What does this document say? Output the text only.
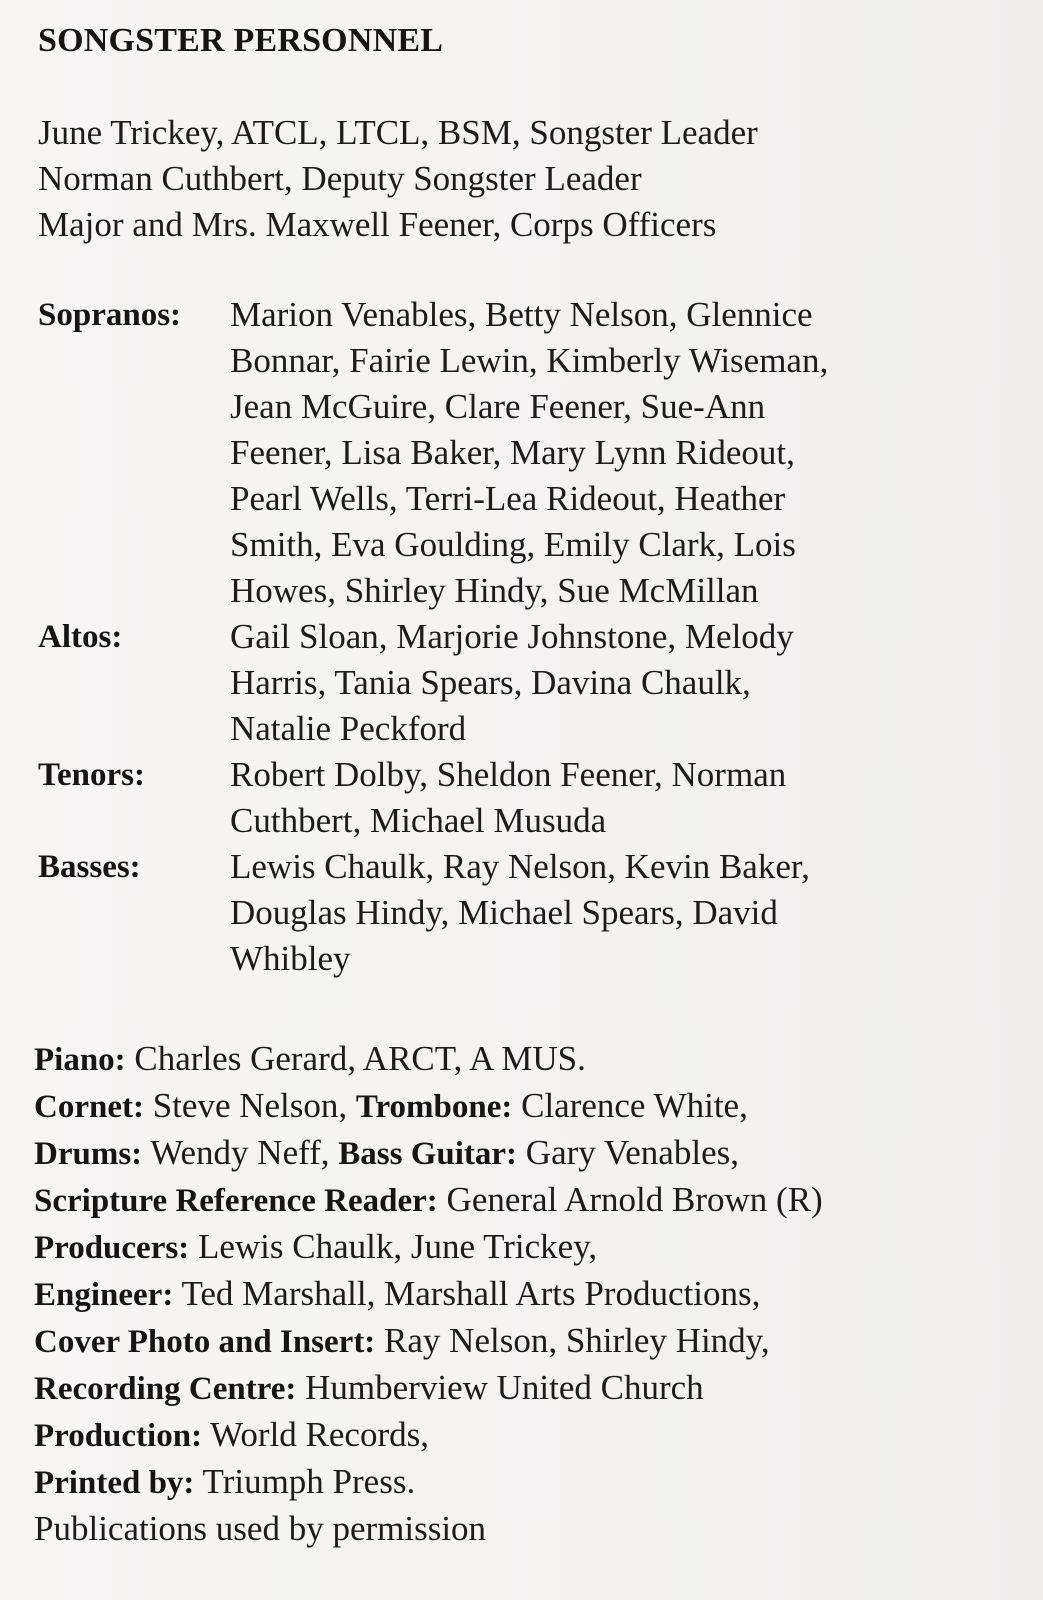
SONGSTER PERSONNEL
June Trickey, ATCL, LTCL, BSM, Songster Leader
Norman Cuthbert, Deputy Songster Leader
Major and Mrs. Maxwell Feener, Corps Officers
Sopranos:	Marion Venables, Betty Nelson, Glennice
Bonnar, Fairie Lewin, Kimberly Wiseman,
Jean McGuire, Clare Feener, Sue-Ann
Feener, Lisa Baker, Mary Lynn Rideout,
Pearl Wells, Terri-Lea Rideout, Heather
Smith, Eva Goulding, Emily Clark, Lois
Howes, Shirley Hindy, Sue McMillan
Altos:	Gail Sloan, Marjorie Johnstone, Melody
Harris, Tania Spears, Davina Chaulk,
Natalie Peckford
Tenors:	Robert Dolby, Sheldon Feener, Norman
Cuthbert, Michael Musuda
Basses:	Lewis Chaulk, Ray Nelson, Kevin Baker,
Douglas Hindy, Michael Spears, David
Whibley
Piano: Charles Gerard, ARCT, A MUS.
Cornet: Steve Nelson, Trombone: Clarence White,
Drums: Wendy Neff, Bass Guitar: Gary Venables,
Scripture Reference Reader: General Arnold Brown (R)
Producers: Lewis Chaulk, June Trickey,
Engineer: Ted Marshall, Marshall Arts Productions,
Cover Photo and Insert: Ray Nelson, Shirley Hindy,
Recording Centre: Humberview United Church
Production: World Records,
Printed by: Triumph Press.
Publications used by permission
